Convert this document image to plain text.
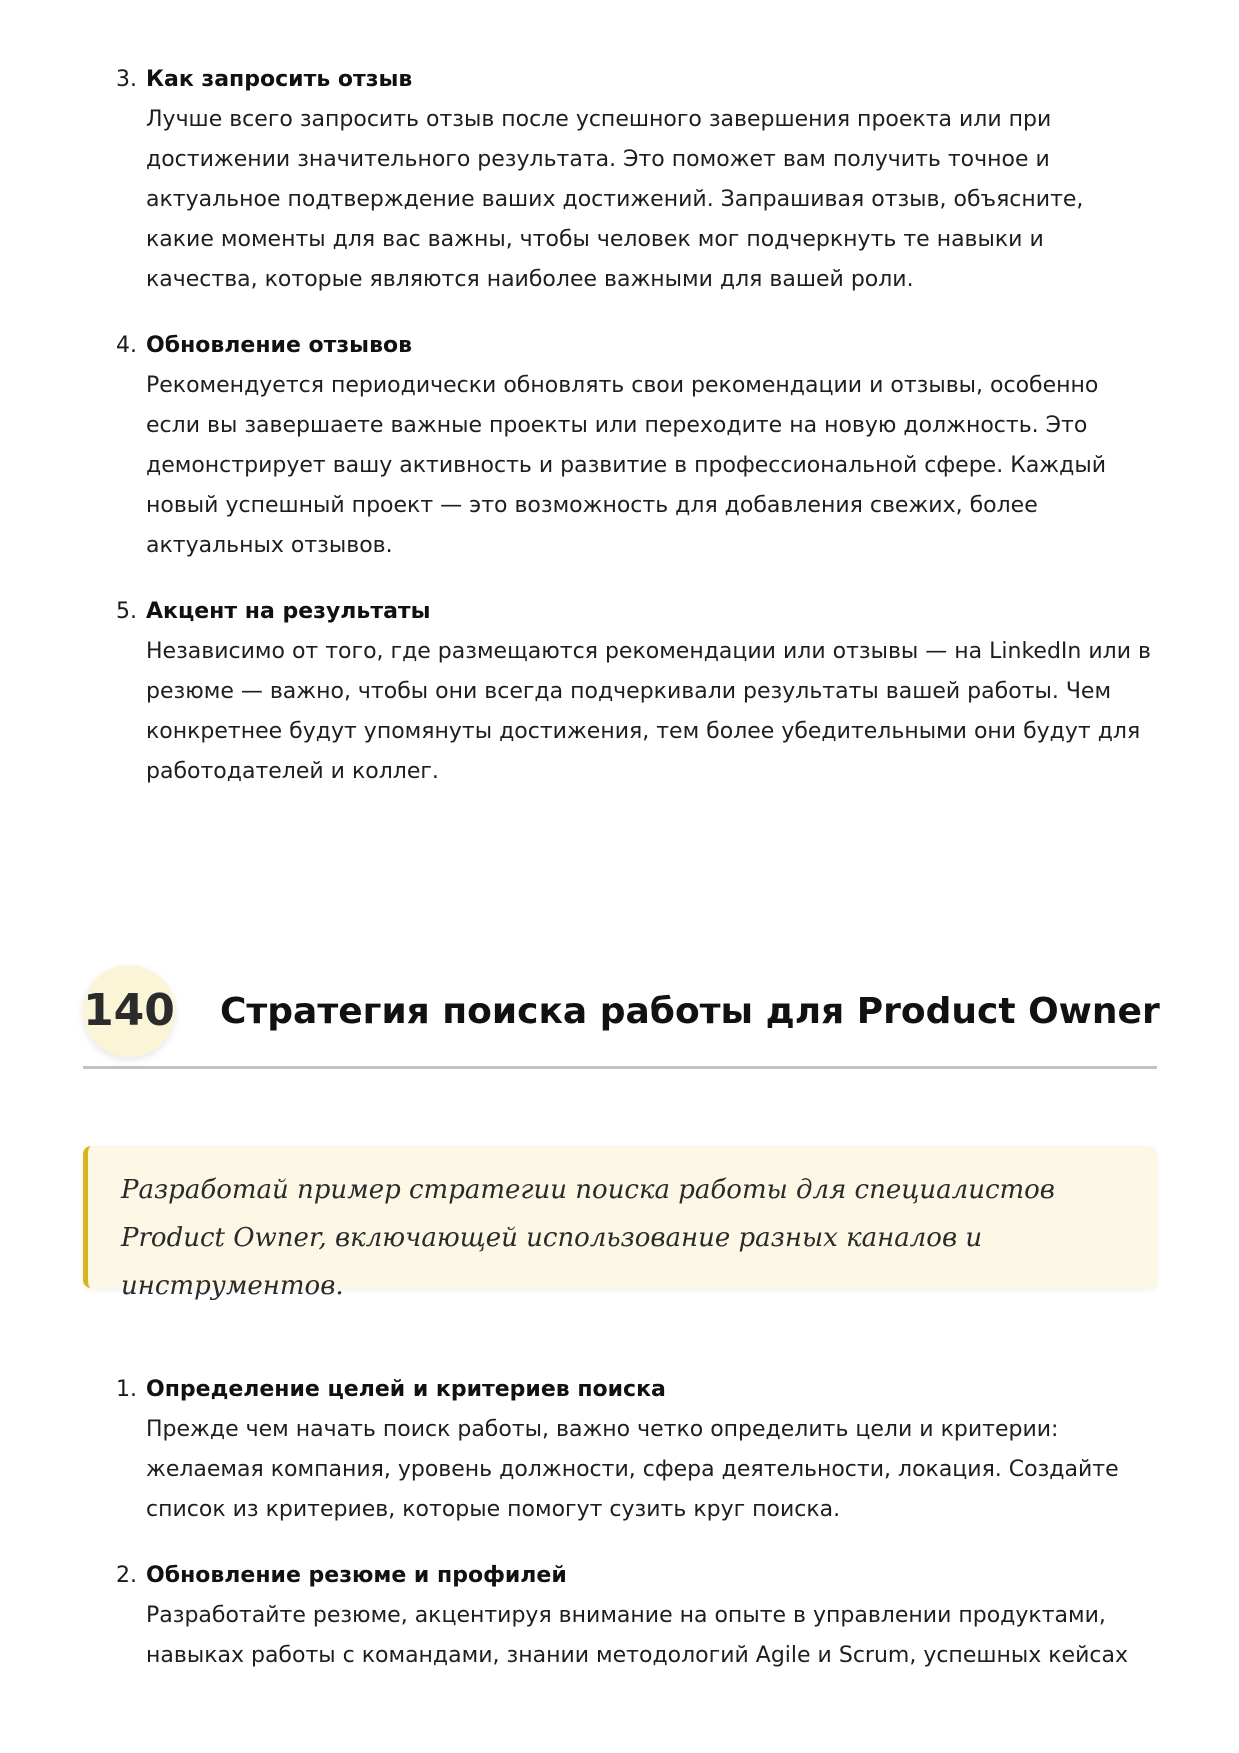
3. Как запросить отзыв
Лучше всего запросить отзыв после успешного завершения проекта или при достижении значительного результата. Это поможет вам получить точное и актуальное подтверждение ваших достижений. Запрашивая отзыв, объясните, какие моменты для вас важны, чтобы человек мог подчеркнуть те навыки и качества, которые являются наиболее важными для вашей роли.
4. Обновление отзывов
Рекомендуется периодически обновлять свои рекомендации и отзывы, особенно если вы завершаете важные проекты или переходите на новую должность. Это демонстрирует вашу активность и развитие в профессиональной сфере. Каждый новый успешный проект — это возможность для добавления свежих, более актуальных отзывов.
5. Акцент на результаты
Независимо от того, где размещаются рекомендации или отзывы — на LinkedIn или в резюме — важно, чтобы они всегда подчеркивали результаты вашей работы. Чем конкретнее будут упомянуты достижения, тем более убедительными они будут для работодателей и коллег.
140 Стратегия поиска работы для Product Owner
Разработай пример стратегии поиска работы для специалистов Product Owner, включающей использование разных каналов и инструментов.
1. Определение целей и критериев поиска
Прежде чем начать поиск работы, важно четко определить цели и критерии: желаемая компания, уровень должности, сфера деятельности, локация. Создайте список из критериев, которые помогут сузить круг поиска.
2. Обновление резюме и профилей
Разработайте резюме, акцентируя внимание на опыте в управлении продуктами, навыках работы с командами, знании методологий Agile и Scrum, успешных кейсах
